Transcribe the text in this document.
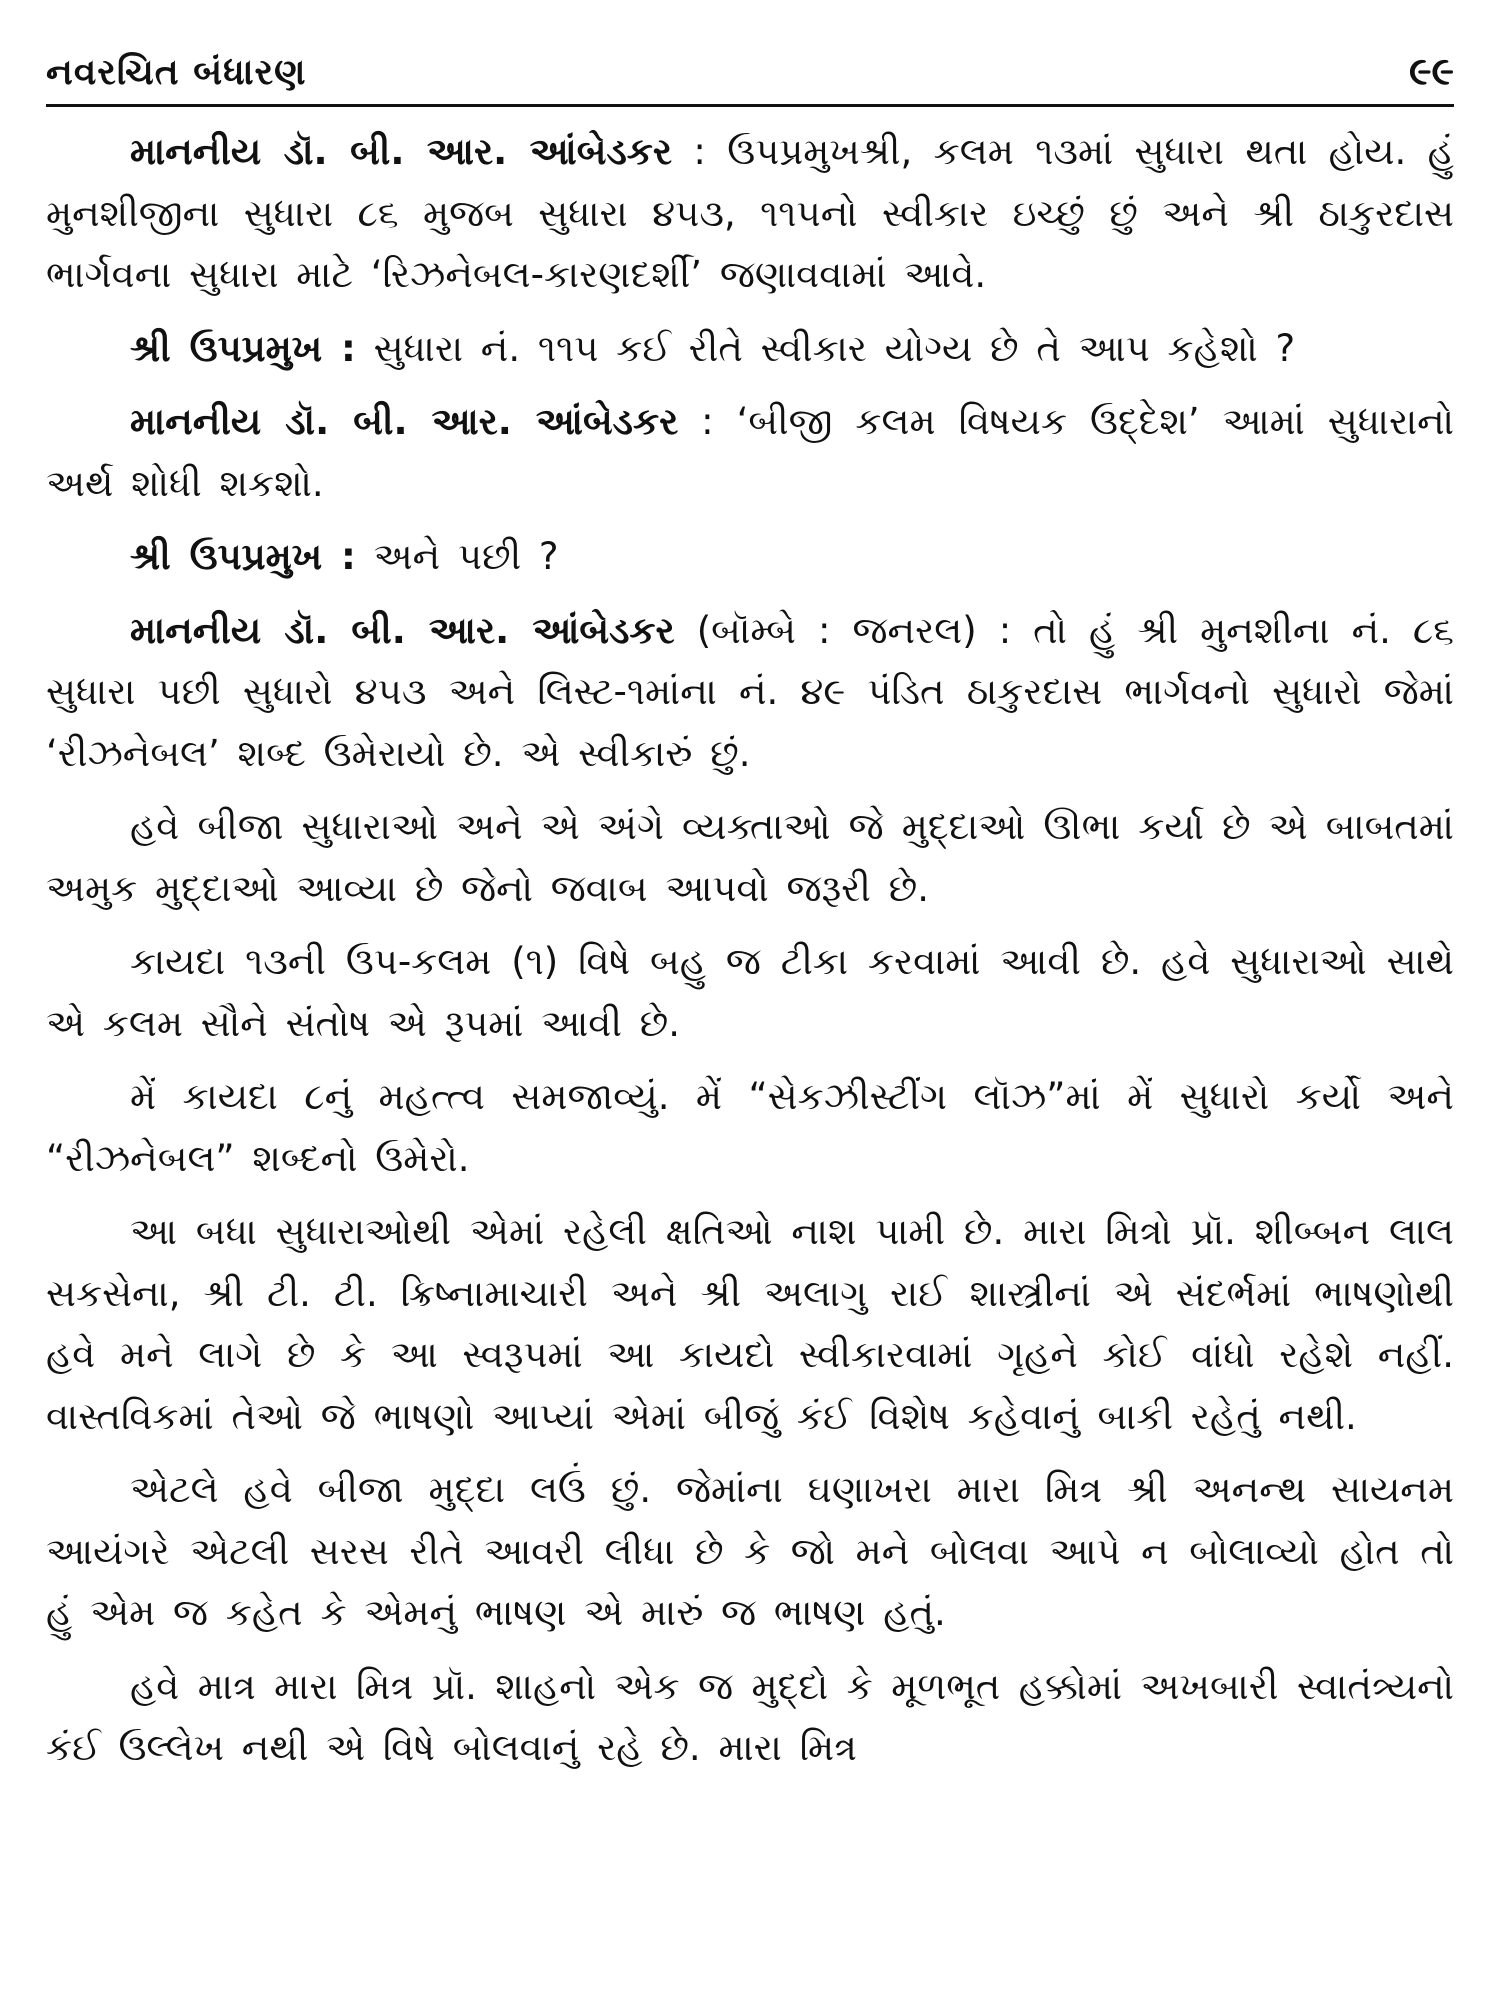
નવરચિત બંધારણ	૯૯

માનનીય ડૉ. બી. આર. આંબેડકર : ઉપપ્રમુખશ્રી, કલમ ૧૩માં સુધારા થતા હોય. હું મુનશીજીના સુધારા ૮૬ મુજબ સુધારા ૪૫૩, ૧૧૫નો સ્વીકાર ઇચ્છું છું અને શ્રી ઠાકુરદાસ ભાર્ગવના સુધારા માટે ‘રિઝનેબલ-કારણદર્શી’ જણાવવામાં આવે.

શ્રી ઉપપ્રમુખ : સુધારા નં. ૧૧૫ કઈ રીતે સ્વીકાર યોગ્ય છે તે આપ કહેશો ?

માનનીય ડૉ. બી. આર. આંબેડકર : ‘બીજી કલમ વિષયક ઉદ્દેશ’ આમાં સુધારાનો અર્થ શોધી શકશો.

શ્રી ઉપપ્રમુખ : અને પછી ?

માનનીય ડૉ. બી. આર. આંબેડકર (બૉમ્બે : જનરલ) : તો હું શ્રી મુનશીના નં. ૮૬ સુધારા પછી સુધારો ૪૫૩ અને લિસ્ટ-૧માંના નં. ૪૯ પંડિત ઠાકુરદાસ ભાર્ગવનો સુધારો જેમાં ‘રીઝનેબલ’ શબ્દ ઉમેરાયો છે. એ સ્વીકારું છું.

હવે બીજા સુધારાઓ અને એ અંગે વ્યક્તાઓ જે મુદ્દાઓ ઊભા કર્યા છે એ બાબતમાં અમુક મુદ્દાઓ આવ્યા છે જેનો જવાબ આપવો જરૂરી છે.

કાયદા ૧૩ની ઉપ-કલમ (૧) વિષે બહુ જ ટીકા કરવામાં આવી છે. હવે સુધારાઓ સાથે એ કલમ સૌને સંતોષ એ રૂપમાં આવી છે.

મેં કાયદા ૮નું મહત્ત્વ સમજાવ્યું. મેં “સેકઝીસ્ટીંગ લૉઝ”માં મેં સુધારો કર્યો અને “રીઝનેબલ” શબ્દનો ઉમેરો.

આ બધા સુધારાઓથી એમાં રહેલી ક્ષતિઓ નાશ પામી છે. મારા મિત્રો પ્રૉ. શીબ્બન લાલ સકસેના, શ્રી ટી. ટી. ક્રિષ્નામાચારી અને શ્રી અલાગુ રાઈ શાસ્ત્રીનાં એ સંદર્ભમાં ભાષણોથી હવે મને લાગે છે કે આ સ્વરૂપમાં આ કાયદો સ્વીકારવામાં ગૃહને કોઈ વાંધો રહેશે નહીં. વાસ્તવિકમાં તેઓ જે ભાષણો આપ્યાં એમાં બીજું કંઈ વિશેષ કહેવાનું બાકી રહેતું નથી.

એટલે હવે બીજા મુદ્દા લઉં છું. જેમાંના ઘણાખરા મારા મિત્ર શ્રી અનન્થ સાયનમ આયંગરે એટલી સરસ રીતે આવરી લીધા છે કે જો મને બોલવા આપે ન બોલાવ્યો હોત તો હું એમ જ કહેત કે એમનું ભાષણ એ મારું જ ભાષણ હતું.

હવે માત્ર મારા મિત્ર પ્રૉ. શાહનો એક જ મુદ્દો કે મૂળભૂત હક્કોમાં અખબારી સ્વાતંત્ર્યનો કંઈ ઉલ્લેખ નથી એ વિષે બોલવાનું રહે છે. મારા મિત્ર
